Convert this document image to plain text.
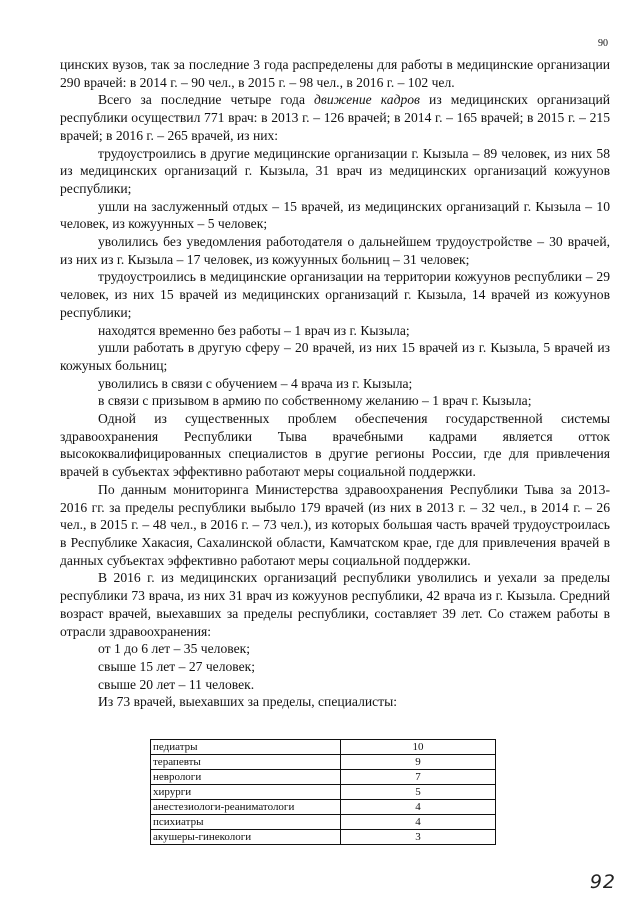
90

цинских вузов, так за последние 3 года распределены для работы в медицинские организации 290 врачей: в 2014 г. – 90 чел., в 2015 г. – 98 чел., в 2016 г. – 102 чел.

Всего за последние четыре года движение кадров из медицинских организаций республики осуществил 771 врач: в 2013 г. – 126 врачей; в 2014 г. – 165 врачей; в 2015 г. – 215 врачей; в 2016 г. – 265 врачей, из них:

трудоустроились в другие медицинские организации г. Кызыла – 89 человек, из них 58 из медицинских организаций г. Кызыла, 31 врач из медицинских организаций кожуунов республики;

ушли на заслуженный отдых – 15 врачей, из медицинских организаций г. Кызыла – 10 человек, из кожуунных – 5 человек;

уволились без уведомления работодателя о дальнейшем трудоустройстве – 30 врачей, из них из г. Кызыла – 17 человек, из кожуунных больниц – 31 человек;

трудоустроились в медицинские организации на территории кожуунов республики – 29 человек, из них 15 врачей из медицинских организаций г. Кызыла, 14 врачей из кожуунов республики;

находятся временно без работы – 1 врач из г. Кызыла;

ушли работать в другую сферу – 20 врачей, из них 15 врачей из г. Кызыла, 5 врачей из кожуных больниц;

уволились в связи с обучением – 4 врача из г. Кызыла;

в связи с призывом в армию по собственному желанию – 1 врач г. Кызыла;

Одной из существенных проблем обеспечения государственной системы здравоохранения Республики Тыва врачебными кадрами является отток высококвалифицированных специалистов в другие регионы России, где для привлечения врачей в субъектах эффективно работают меры социальной поддержки.

По данным мониторинга Министерства здравоохранения Республики Тыва за 2013-2016 гг. за пределы республики выбыло 179 врачей (из них в 2013 г. – 32 чел., в 2014 г. – 26 чел., в 2015 г. – 48 чел., в 2016 г. – 73 чел.), из которых большая часть врачей трудоустроилась в Республике Хакасия, Сахалинской области, Камчатском крае, где для привлечения врачей в данных субъектах эффективно работают меры социальной поддержки.

В 2016 г. из медицинских организаций республики уволились и уехали за пределы республики 73 врача, из них 31 врач из кожуунов республики, 42 врача из г. Кызыла. Средний возраст врачей, выехавших за пределы республики, составляет 39 лет. Со стажем работы в отрасли здравоохранения:

от 1 до 6 лет – 35 человек;

свыше 15 лет – 27 человек;

свыше 20 лет – 11 человек.

Из 73 врачей, выехавших за пределы, специалисты:

педиатры	10
терапевты	9
неврологи	7
хирурги	5
анестезиологи-реаниматологи	4
психиатры	4
акушеры-гинекологи	3
92
